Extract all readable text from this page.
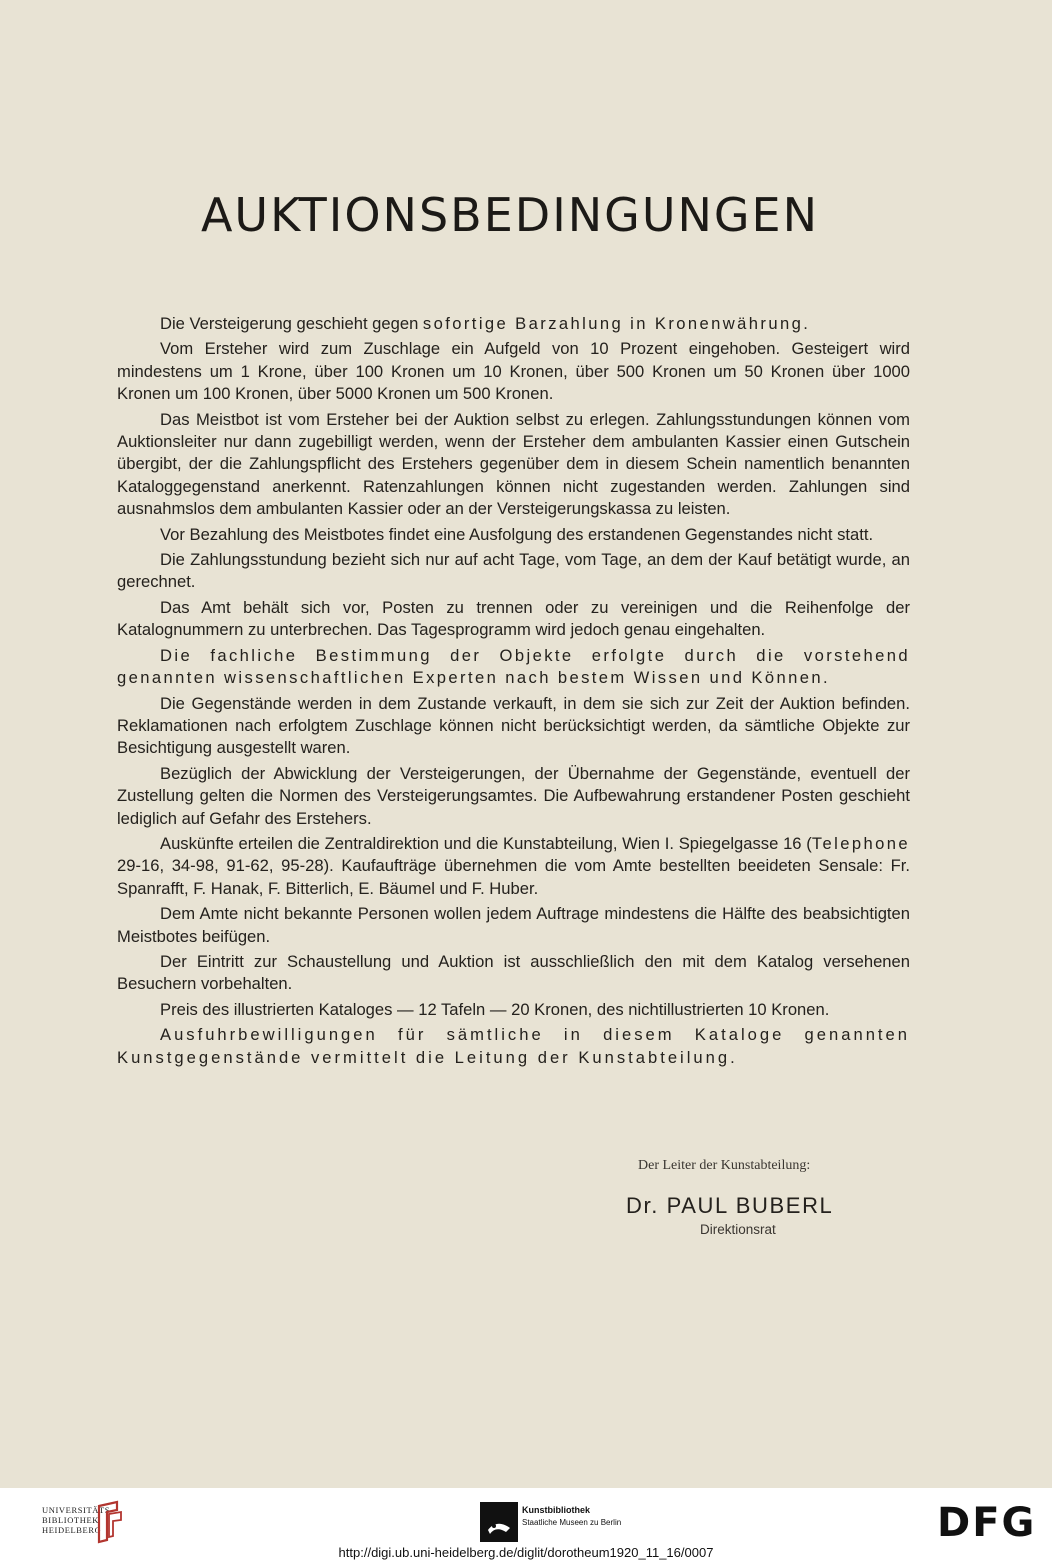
AUKTIONSBEDINGUNGEN

Die Versteigerung geschieht gegen sofortige Barzahlung in Kronenwährung.

Vom Ersteher wird zum Zuschlage ein Aufgeld von 10 Prozent eingehoben. Gesteigert wird mindestens um 1 Krone, über 100 Kronen um 10 Kronen, über 500 Kronen um 50 Kronen über 1000 Kronen um 100 Kronen, über 5000 Kronen um 500 Kronen.

Das Meistbot ist vom Ersteher bei der Auktion selbst zu erlegen. Zahlungsstundungen können vom Auktionsleiter nur dann zugebilligt werden, wenn der Ersteher dem ambulanten Kassier einen Gutschein übergibt, der die Zahlungspflicht des Erstehers gegenüber dem in diesem Schein namentlich benannten Kataloggegenstand anerkennt. Ratenzahlungen können nicht zugestanden werden. Zahlungen sind ausnahmslos dem ambulanten Kassier oder an der Versteigerungskassa zu leisten.

Vor Bezahlung des Meistbotes findet eine Ausfolgung des erstandenen Gegenstandes nicht statt.

Die Zahlungsstundung bezieht sich nur auf acht Tage, vom Tage, an dem der Kauf betätigt wurde, an gerechnet.

Das Amt behält sich vor, Posten zu trennen oder zu vereinigen und die Reihenfolge der Katalognummern zu unterbrechen. Das Tagesprogramm wird jedoch genau eingehalten.

Die fachliche Bestimmung der Objekte erfolgte durch die vorstehend genannten wissenschaftlichen Experten nach bestem Wissen und Können.

Die Gegenstände werden in dem Zustande verkauft, in dem sie sich zur Zeit der Auktion befinden. Reklamationen nach erfolgtem Zuschlage können nicht berücksichtigt werden, da sämtliche Objekte zur Besichtigung ausgestellt waren.

Bezüglich der Abwicklung der Versteigerungen, der Übernahme der Gegenstände, eventuell der Zustellung gelten die Normen des Versteigerungsamtes. Die Aufbewahrung erstandener Posten geschieht lediglich auf Gefahr des Erstehers.

Auskünfte erteilen die Zentraldirektion und die Kunstabteilung, Wien I. Spiegelgasse 16 (Telephone 29-16, 34-98, 91-62, 95-28). Kaufaufträge übernehmen die vom Amte bestellten beeideten Sensale: Fr. Spanrafft, F. Hanak, F. Bitterlich, E. Bäumel und F. Huber.

Dem Amte nicht bekannte Personen wollen jedem Auftrage mindestens die Hälfte des beabsichtigten Meistbotes beifügen.

Der Eintritt zur Schaustellung und Auktion ist ausschließlich den mit dem Katalog versehenen Besuchern vorbehalten.

Preis des illustrierten Kataloges — 12 Tafeln — 20 Kronen, des nichtillustrierten 10 Kronen.

Ausfuhrbewilligungen für sämtliche in diesem Kataloge genannten Kunstgegenstände vermittelt die Leitung der Kunstabteilung.

Der Leiter der Kunstabteilung:
Dr. PAUL BUBERL
Direktionsrat
UNIVERSITÄTS-
BIBLIOTHEK
HEIDELBERG
Kunstbibliothek
Staatliche Museen zu Berlin	DFG
http://digi.ub.uni-heidelberg.de/diglit/dorotheum1920_11_16/0007
